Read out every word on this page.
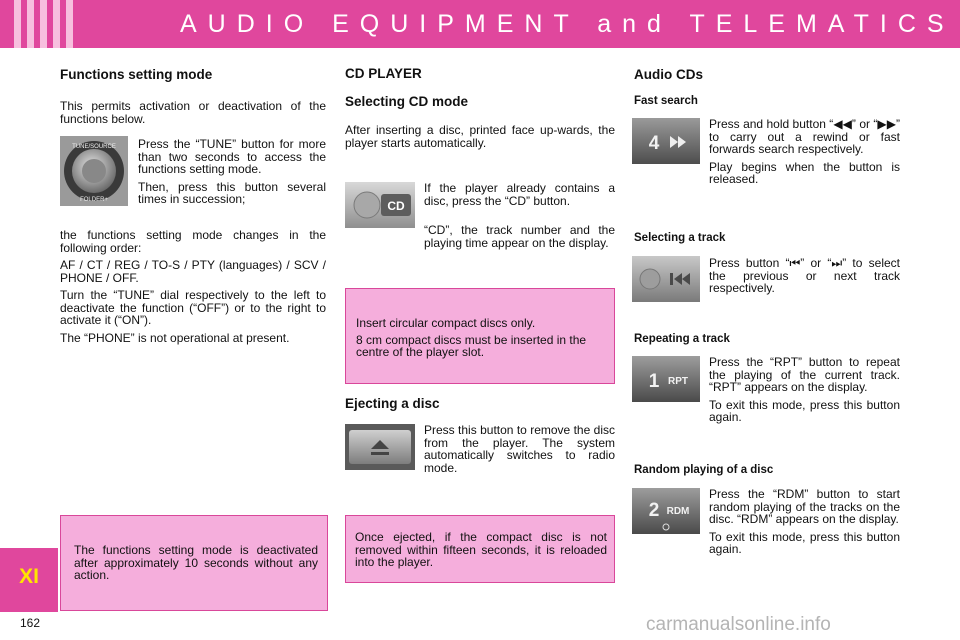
AUDIO EQUIPMENT and TELEMATICS
Functions setting mode
This permits activation or deactivation of the functions below.
TUNE/SOURCE
FOLDER+

Press the “TUNE” button for more than two seconds to access the functions setting mode.

Then, press this button several times in succession;

the functions setting mode changes in the following order:

AF / CT / REG / TO-S / PTY (languages) / SCV / PHONE / OFF.

Turn the “TUNE” dial respectively to the left to deactivate the function (“OFF”) or to the right to activate it (“ON”).

The “PHONE” is not operational at present.

The functions setting mode is deactivated after approximately 10 seconds without any action.
CD PLAYER
Selecting CD mode
After inserting a disc, printed face up-wards, the player starts automatically.
CD
If the player already contains a disc, press the “CD” button.

“CD”, the track number and the playing time appear on the display.

Insert circular compact discs only.

8 cm compact discs must be inserted in the centre of the player slot.

Ejecting a disc
Press this button to remove the disc from the player. The system automatically switches to radio mode.
Once ejected, if the compact disc is not removed within fifteen seconds, it is reloaded into the player.
Audio CDs
Fast search
4

Press and hold button “◀◀” or “▶▶” to carry out a rewind or fast forwards search respectively.

Play begins when the button is released.

Selecting a track
Press button “⏮” or “⏭” to select the previous or next track respectively.
Repeating a track
1 RPT

Press the “RPT” button to repeat the playing of the current track. “RPT” appears on the display.

To exit this mode, press this button again.

Random playing of a disc
2 RDM

Press the “RDM” button to start random playing of the tracks on the disc. “RDM” appears on the display.

To exit this mode, press this button again.

XI
162	carmanualsonline.info
